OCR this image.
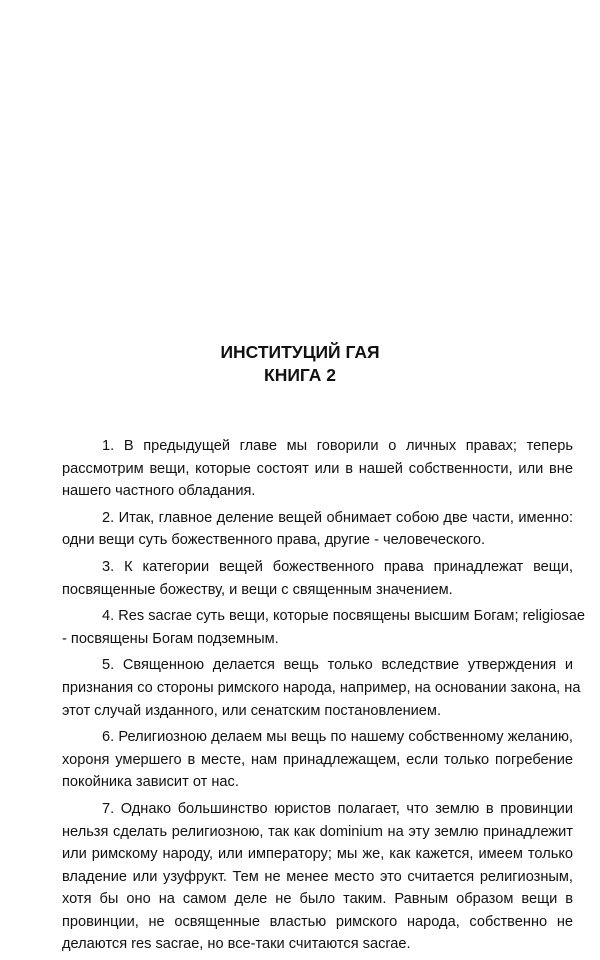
ИНСТИТУЦИЙ ГАЯ
КНИГА 2
1. В предыдущей главе мы говорили о личных правах; теперь
рассмотрим вещи, которые состоят или в нашей собственности, или вне
нашего частного обладания.
2. Итак, главное деление вещей обнимает собою две части, именно:
одни вещи суть божественного права, другие - человеческого.
3. К категории вещей божественного права принадлежат вещи,
посвященные божеству, и вещи с священным значением.
4. Res sacrae суть вещи, которые посвящены высшим Богам; religiosae
- посвящены Богам подземным.
5. Священною делается вещь только вследствие утверждения и
признания со стороны римского народа, например, на основании закона, на
этот случай изданного, или сенатским постановлением.
6. Религиозною делаем мы вещь по нашему собственному желанию,
хороня умершего в месте, нам принадлежащем, если только погребение
покойника зависит от нас.
7. Однако большинство юристов полагает, что землю в провинции
нельзя сделать религиозною, так как dominium на эту землю принадлежит
или римскому народу, или императору; мы же, как кажется, имеем только
владение или узуфрукт. Тем не менее место это считается религиозным,
хотя бы оно на самом деле не было таким. Равным образом вещи в
провинции, не освященные властью римского народа, собственно не
делаются res sacrae, но все-таки считаются sacrae.
